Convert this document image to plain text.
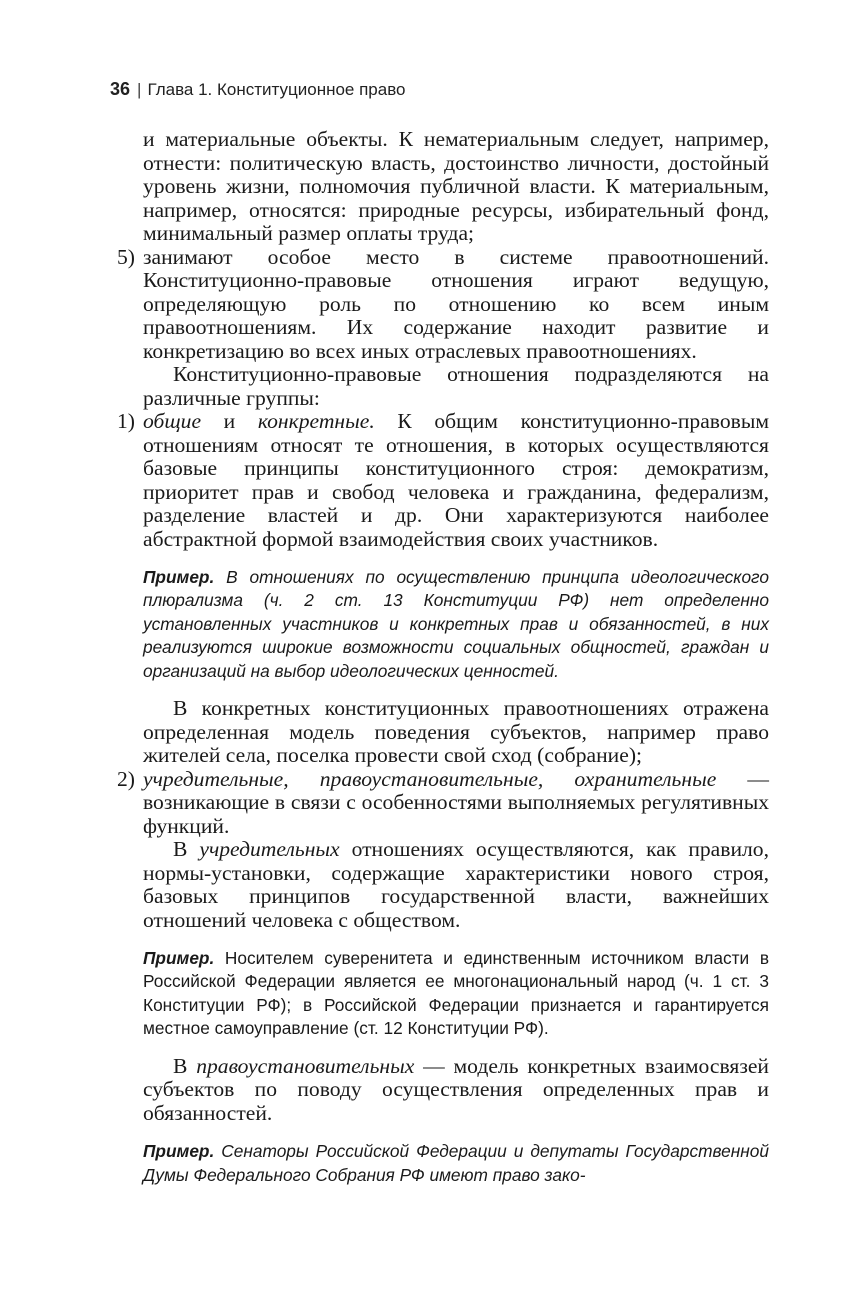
36 | Глава 1. Конституционное право

и материальные объекты. К нематериальным следует, например, отнести: политическую власть, достоинство личности, достойный уровень жизни, полномочия публичной власти. К материальным, например, относятся: природные ресурсы, избирательный фонд, минимальный размер оплаты труда;

5) занимают особое место в системе правоотношений. Конституционно-правовые отношения играют ведущую, определяющую роль по отношению ко всем иным правоотношениям. Их содержание находит развитие и конкретизацию во всех иных отраслевых правоотношениях.

Конституционно-правовые отношения подразделяются на различные группы:

1) общие и конкретные. К общим конституционно-правовым отношениям относят те отношения, в которых осуществляются базовые принципы конституционного строя: демократизм, приоритет прав и свобод человека и гражданина, федерализм, разделение властей и др. Они характеризуются наиболее абстрактной формой взаимодействия своих участников.

Пример. В отношениях по осуществлению принципа идеологического плюрализма (ч. 2 ст. 13 Конституции РФ) нет определенно установленных участников и конкретных прав и обязанностей, в них реализуются широкие возможности социальных общностей, граждан и организаций на выбор идеологических ценностей.

В конкретных конституционных правоотношениях отражена определенная модель поведения субъектов, например право жителей села, поселка провести свой сход (собрание);

2) учредительные, правоустановительные, охранительные — возникающие в связи с особенностями выполняемых регулятивных функций.

В учредительных отношениях осуществляются, как правило, нормы-установки, содержащие характеристики нового строя, базовых принципов государственной власти, важнейших отношений человека с обществом.

Пример. Носителем суверенитета и единственным источником власти в Российской Федерации является ее многонациональный народ (ч. 1 ст. 3 Конституции РФ); в Российской Федерации признается и гарантируется местное самоуправление (ст. 12 Конституции РФ).

В правоустановительных — модель конкретных взаимосвязей субъектов по поводу осуществления определенных прав и обязанностей.

Пример. Сенаторы Российской Федерации и депутаты Государственной Думы Федерального Собрания РФ имеют право зако-
